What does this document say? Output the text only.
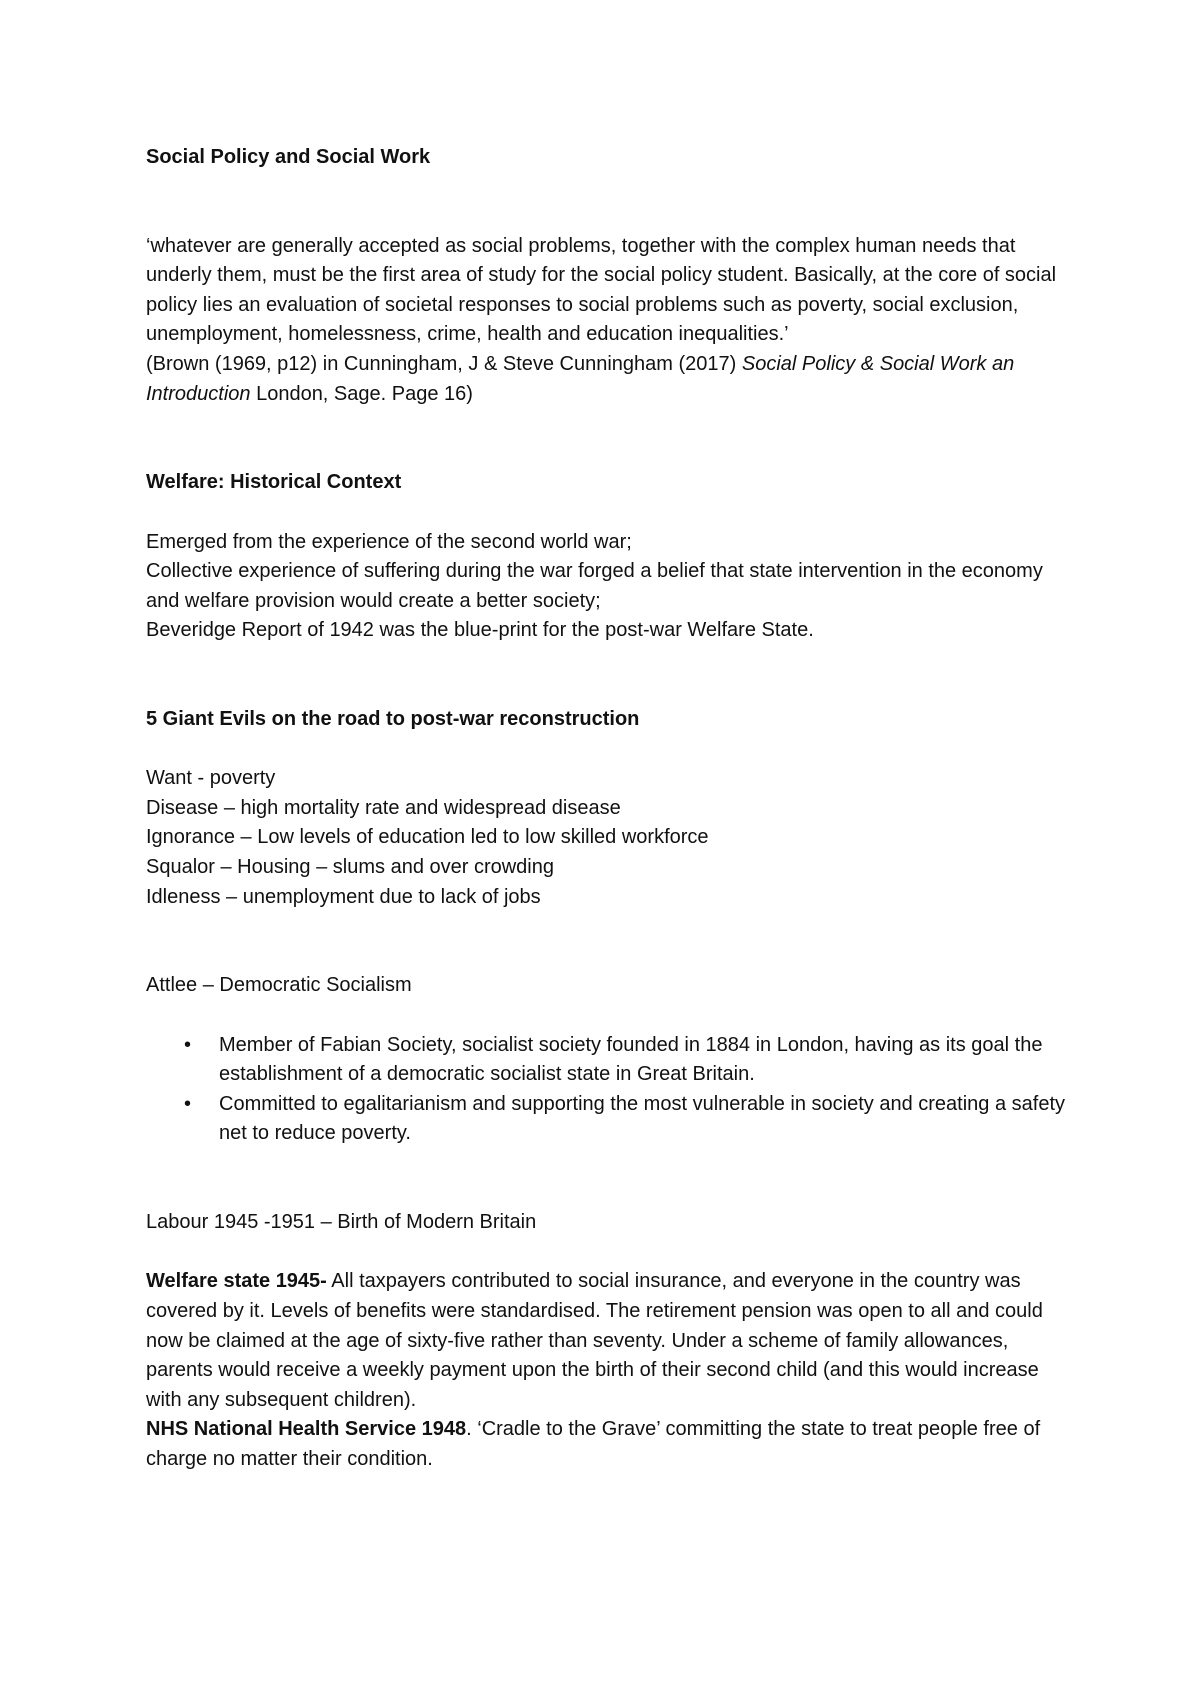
Social Policy and Social Work

‘whatever are generally accepted as social problems, together with the complex human needs that underly them, must be the first area of study for the social policy student. Basically, at the core of social policy lies an evaluation of societal responses to social problems such as poverty, social exclusion, unemployment, homelessness, crime, health and education inequalities.’

(Brown (1969, p12) in Cunningham, J & Steve Cunningham (2017) Social Policy & Social Work an Introduction London, Sage. Page 16)

Welfare: Historical Context

Emerged from the experience of the second world war;

Collective experience of suffering during the war forged a belief that state intervention in the economy and welfare provision would create a better society;

Beveridge Report of 1942 was the blue-print for the post-war Welfare State.

5 Giant Evils on the road to post-war reconstruction

Want - poverty

Disease – high mortality rate and widespread disease

Ignorance – Low levels of education led to low skilled workforce

Squalor – Housing – slums and over crowding

Idleness – unemployment due to lack of jobs

Attlee – Democratic Socialism

• Member of Fabian Society, socialist society founded in 1884 in London, having as its goal the establishment of a democratic socialist state in Great Britain.
• Committed to egalitarianism and supporting the most vulnerable in society and creating a safety net to reduce poverty.

Labour 1945 -1951 – Birth of Modern Britain

Welfare state 1945- All taxpayers contributed to social insurance, and everyone in the country was covered by it. Levels of benefits were standardised. The retirement pension was open to all and could now be claimed at the age of sixty-five rather than seventy. Under a scheme of family allowances, parents would receive a weekly payment upon the birth of their second child (and this would increase with any subsequent children).

NHS National Health Service 1948. ‘Cradle to the Grave’ committing the state to treat people free of charge no matter their condition.
